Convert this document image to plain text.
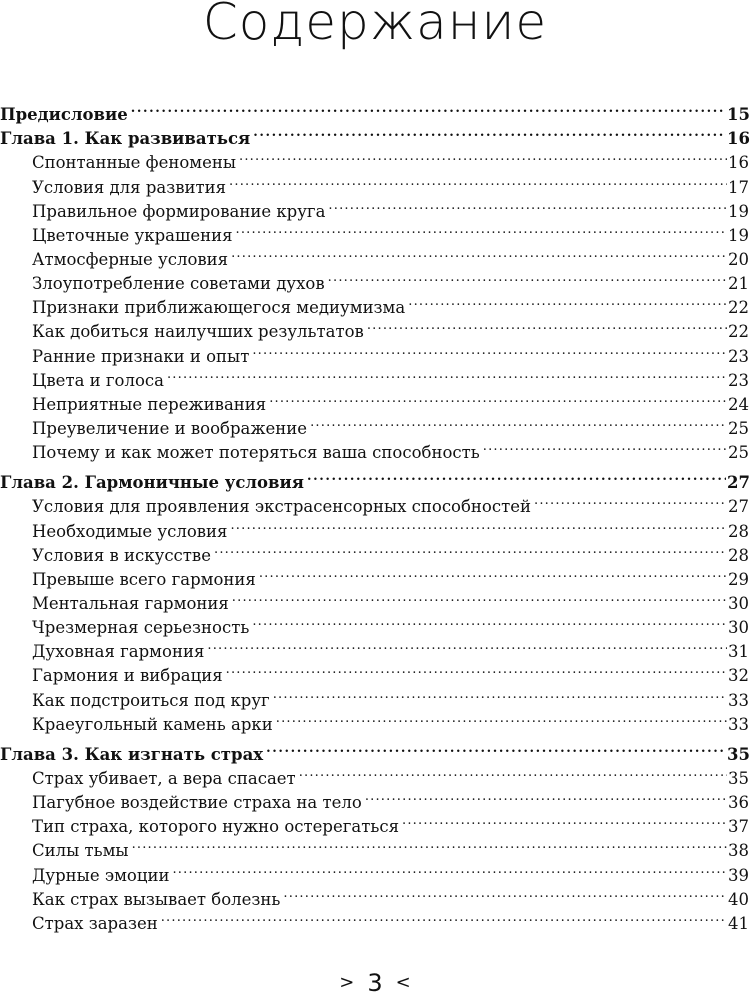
Содержание
Предисловие .....	15
Глава 1. Как развиваться .....	16
Спонтанные феномены .....	16
Условия для развития .....	17
Правильное формирование круга .....	19
Цветочные украшения .....	19
Атмосферные условия .....	20
Злоупотребление советами духов .....	21
Признаки приближающегося медиумизма .....	22
Как добиться наилучших результатов .....	22
Ранние признаки и опыт .....	23
Цвета и голоса .....	23
Неприятные переживания .....	24
Преувеличение и воображение .....	25
Почему и как может потеряться ваша способность .....	25
Глава 2. Гармоничные условия .....	27
Условия для проявления экстрасенсорных способностей .....	27
Необходимые условия .....	28
Условия в искусстве .....	28
Превыше всего гармония .....	29
Ментальная гармония .....	30
Чрезмерная серьезность .....	30
Духовная гармония .....	31
Гармония и вибрация .....	32
Как подстроиться под круг .....	33
Краеугольный камень арки .....	33
Глава 3. Как изгнать страх .....	35
Страх убивает, а вера спасает .....	35
Пагубное воздействие страха на тело .....	36
Тип страха, которого нужно остерегаться .....	37
Силы тьмы .....	38
Дурные эмоции .....	39
Как страх вызывает болезнь .....	40
Страх заразен .....	41
> 3 <
